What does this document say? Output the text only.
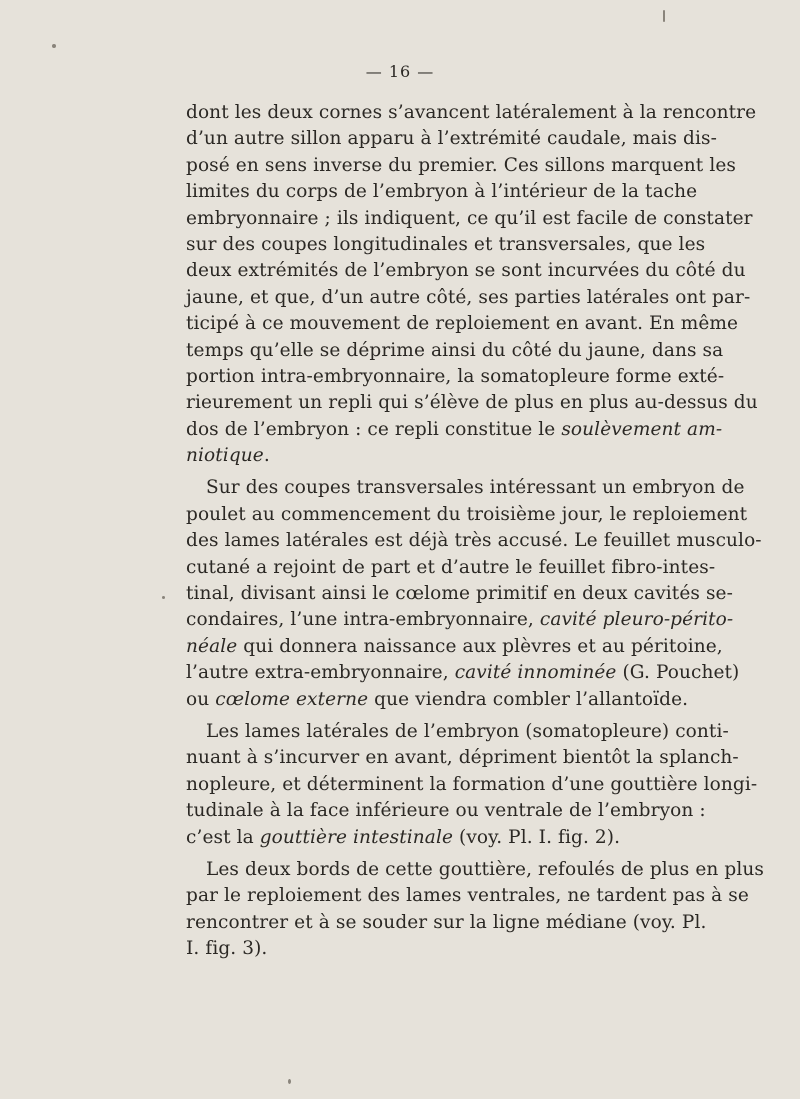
— 16 —
dont les deux cornes s’avancent latéralement à la rencontre
d’un autre sillon apparu à l’extrémité caudale, mais dis-
posé en sens inverse du premier. Ces sillons marquent les
limites du corps de l’embryon à l’intérieur de la tache
embryonnaire ; ils indiquent, ce qu’il est facile de constater
sur des coupes longitudinales et transversales, que les
deux extrémités de l’embryon se sont incurvées du côté du
jaune, et que, d’un autre côté, ses parties latérales ont par-
ticipé à ce mouvement de reploiement en avant. En même
temps qu’elle se déprime ainsi du côté du jaune, dans sa
portion intra-embryonnaire, la somatopleure forme exté-
rieurement un repli qui s’élève de plus en plus au-dessus du
dos de l’embryon : ce repli constitue le soulèvement am-
niotique.
Sur des coupes transversales intéressant un embryon de
poulet au commencement du troisième jour, le reploiement
des lames latérales est déjà très accusé. Le feuillet musculo-
cutané a rejoint de part et d’autre le feuillet fibro-intes-
tinal, divisant ainsi le cœlome primitif en deux cavités se-
condaires, l’une intra-embryonnaire, cavité pleuro-périto-
néale qui donnera naissance aux plèvres et au péritoine,
l’autre extra-embryonnaire, cavité innominée (G. Pouchet)
ou cœlome externe que viendra combler l’allantoïde.
Les lames latérales de l’embryon (somatopleure) conti-
nuant à s’incurver en avant, dépriment bientôt la splanch-
nopleure, et déterminent la formation d’une gouttière longi-
tudinale à la face inférieure ou ventrale de l’embryon :
c’est la gouttière intestinale (voy. Pl. I. fig. 2).
Les deux bords de cette gouttière, refoulés de plus en plus
par le reploiement des lames ventrales, ne tardent pas à se
rencontrer et à se souder sur la ligne médiane (voy. Pl.
I. fig. 3).
